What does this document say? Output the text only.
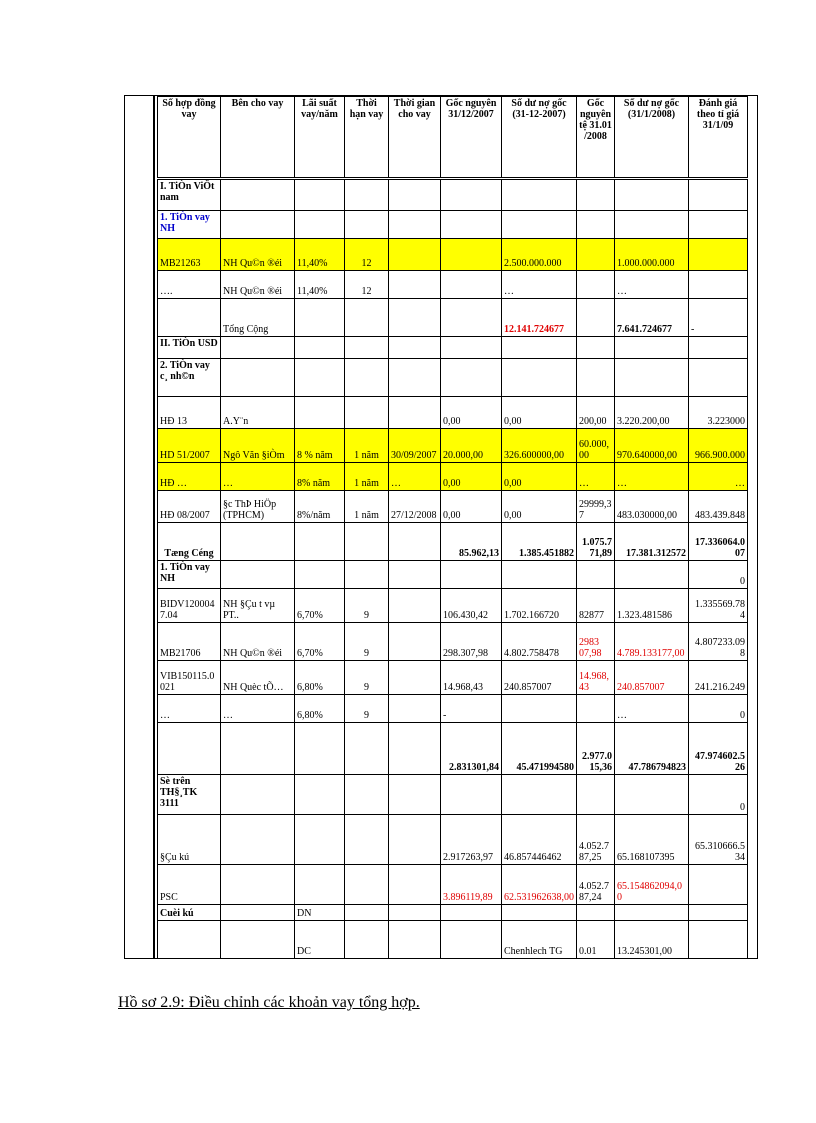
Số hợp đồng vay	Bên cho vay	Lãi suất vay/năm	Thời hạn vay	Thời gian cho vay	Gốc nguyên 31/12/2007	Số dư nợ gốc (31-12-2007)	Gốc nguyên tệ 31.01 /2008	Số dư nợ gốc (31/1/2008)	Đánh giá theo tỉ giá 31/1/09
I. TiÒn ViÖt nam									
1. TiÒn vay NH									
MB21263	NH Qu©n ®éi	11,40%	12			2.500.000.000		1.000.000.000	
….	NH Qu©n ®éi	11,40%	12			…		…	
	Tổng Cộng					12.141.724677		7.641.724677	-
II. TiÒn USD									
2. TiÒn vay c¸ nh©n									
HĐ 13	A.Y¨n				0,00	0,00	200,00	3.220.200,00	3.223000
HD 51/2007	Ngô Văn §iÒm	8 % năm	1 năm	30/09/2007	20.000,00	326.600000,00	60.000,00	970.640000,00	966.900.000
HĐ …	…	8% năm	1 năm	…	0,00	0,00	…	…	…
HĐ 08/2007	§c ThÞ HiÖp (TPHCM)	8%/năm	1 năm	27/12/2008	0,00	0,00	29999,37	483.030000,00	483.439.848
Tæng Céng					85.962,13	1.385.451882	1.075.771,89	17.381.312572	17.336064.007
1. TiÒn vay NH									0
BIDV1200047.04	NH §Çu t vµ PT..	6,70%	9		106.430,42	1.702.166720	82877	1.323.481586	1.335569.784
MB21706	NH Qu©n ®éi	6,70%	9		298.307,98	4.802.758478	2983 07,98	4.789.133177,00	4.807233.098
VIB150115.0021	NH Quèc tÕ…	6,80%	9		14.968,43	240.857007	14.968,43	240.857007	241.216.249
…	…	6,80%	9		-			…	0
					2.831301,84	45.471994580	2.977.015,36	47.786794823	47.974602.526
Sè trên TH§¸TK 3111									0
§Çu kú					2.917263,97	46.857446462	4.052.787,25	65.168107395	65.310666.534
PSC					3.896119,89	62.531962638,00	4.052.787,24	65.154862094,00	
Cuèi kú		DN							
		DC				Chenhlech TG	0.01	13.245301,00	
Hồ sơ 2.9: Điều chỉnh các khoản vay tổng hợp.
